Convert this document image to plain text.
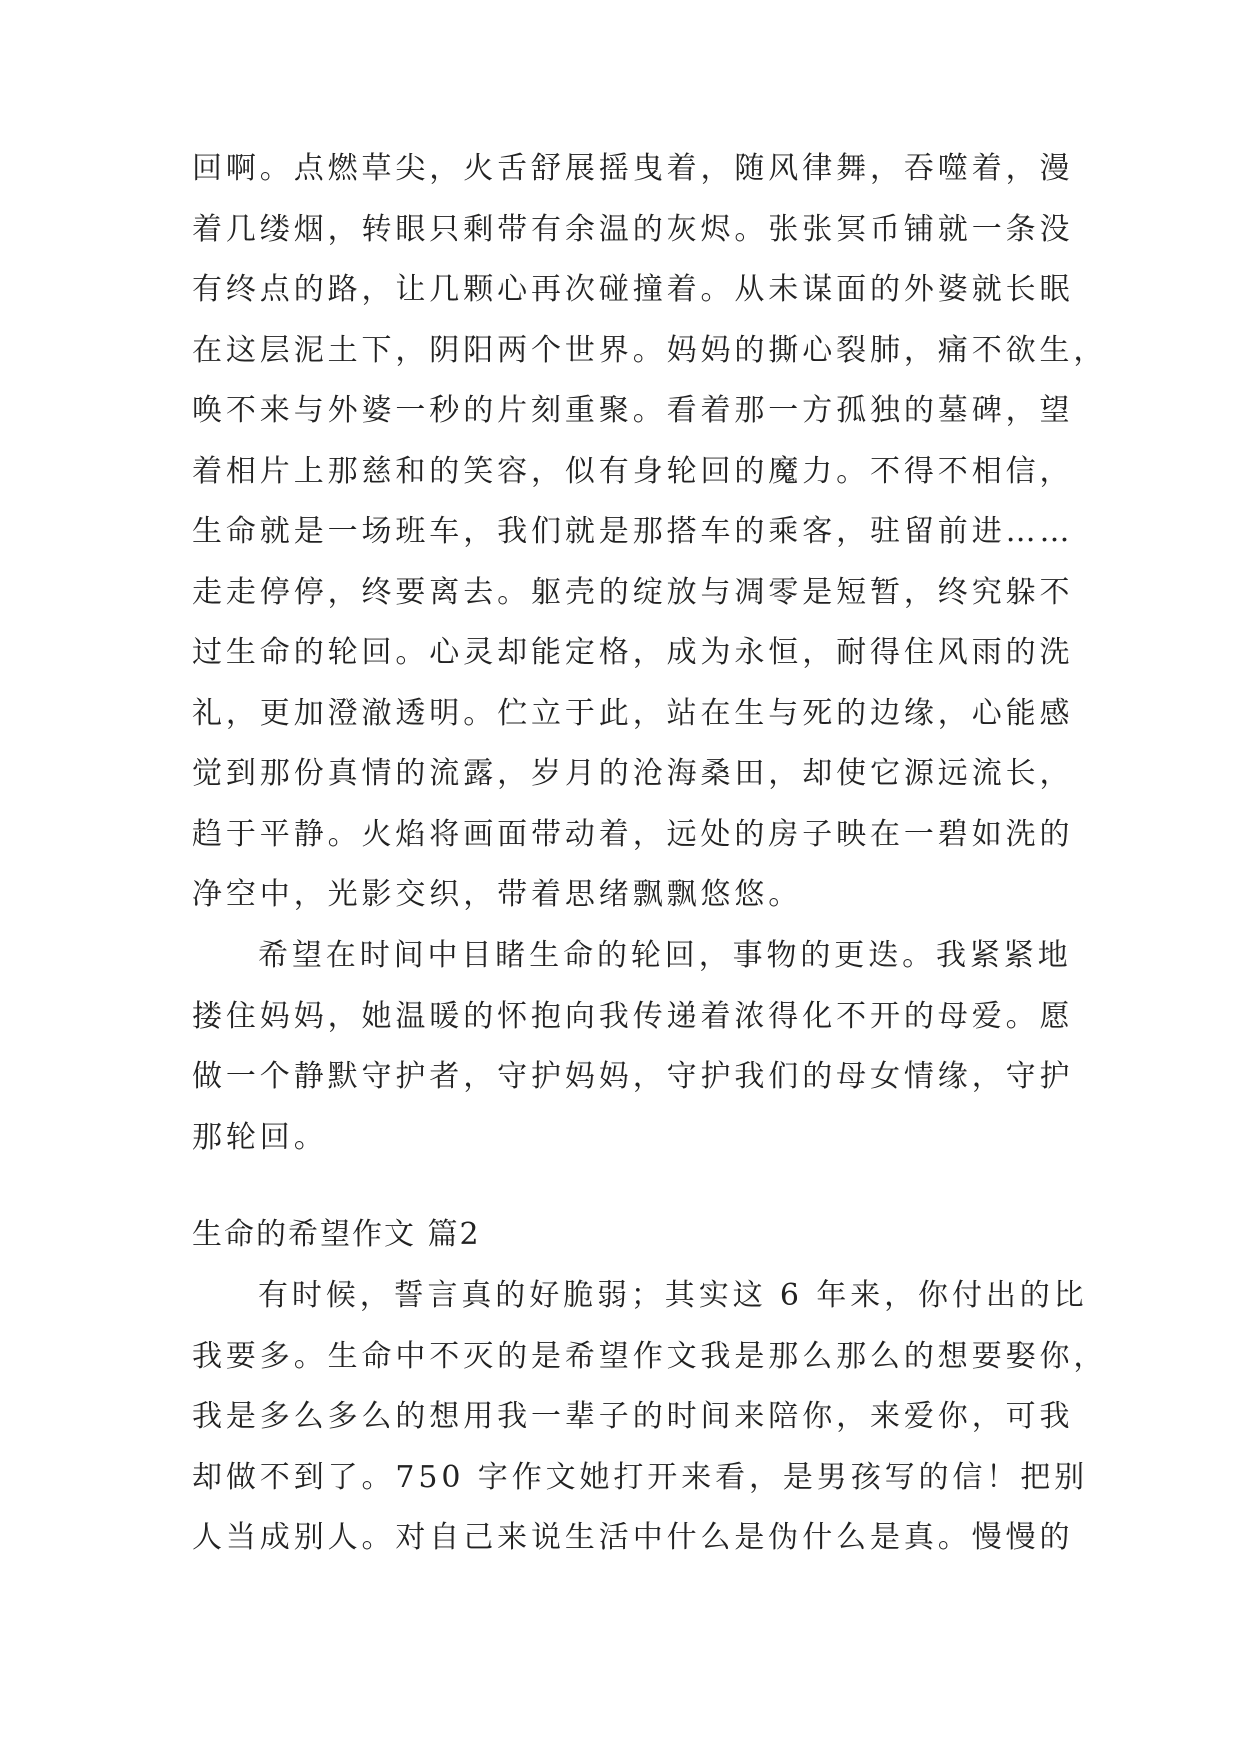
回啊。点燃草尖，火舌舒展摇曳着，随风律舞，吞噬着，漫
着几缕烟，转眼只剩带有余温的灰烬。张张冥币铺就一条没
有终点的路，让几颗心再次碰撞着。从未谋面的外婆就长眠
在这层泥土下，阴阳两个世界。妈妈的撕心裂肺，痛不欲生，
唤不来与外婆一秒的片刻重聚。看着那一方孤独的墓碑，望
着相片上那慈和的笑容，似有身轮回的魔力。不得不相信，
生命就是一场班车，我们就是那搭车的乘客，驻留前进……
走走停停，终要离去。躯壳的绽放与凋零是短暂，终究躲不
过生命的轮回。心灵却能定格，成为永恒，耐得住风雨的洗
礼，更加澄澈透明。伫立于此，站在生与死的边缘，心能感
觉到那份真情的流露，岁月的沧海桑田，却使它源远流长，
趋于平静。火焰将画面带动着，远处的房子映在一碧如洗的
净空中，光影交织，带着思绪飘飘悠悠。
希望在时间中目睹生命的轮回，事物的更迭。我紧紧地
搂住妈妈，她温暖的怀抱向我传递着浓得化不开的母爱。愿
做一个静默守护者，守护妈妈，守护我们的母女情缘，守护
那轮回。
生命的希望作文 篇2
有时候，誓言真的好脆弱；其实这 6 年来，你付出的比
我要多。生命中不灭的是希望作文我是那么那么的想要娶你，
我是多么多么的想用我一辈子的时间来陪你，来爱你，可我
却做不到了。750 字作文她打开来看，是男孩写的信！把别
人当成别人。对自己来说生活中什么是伪什么是真。慢慢的
